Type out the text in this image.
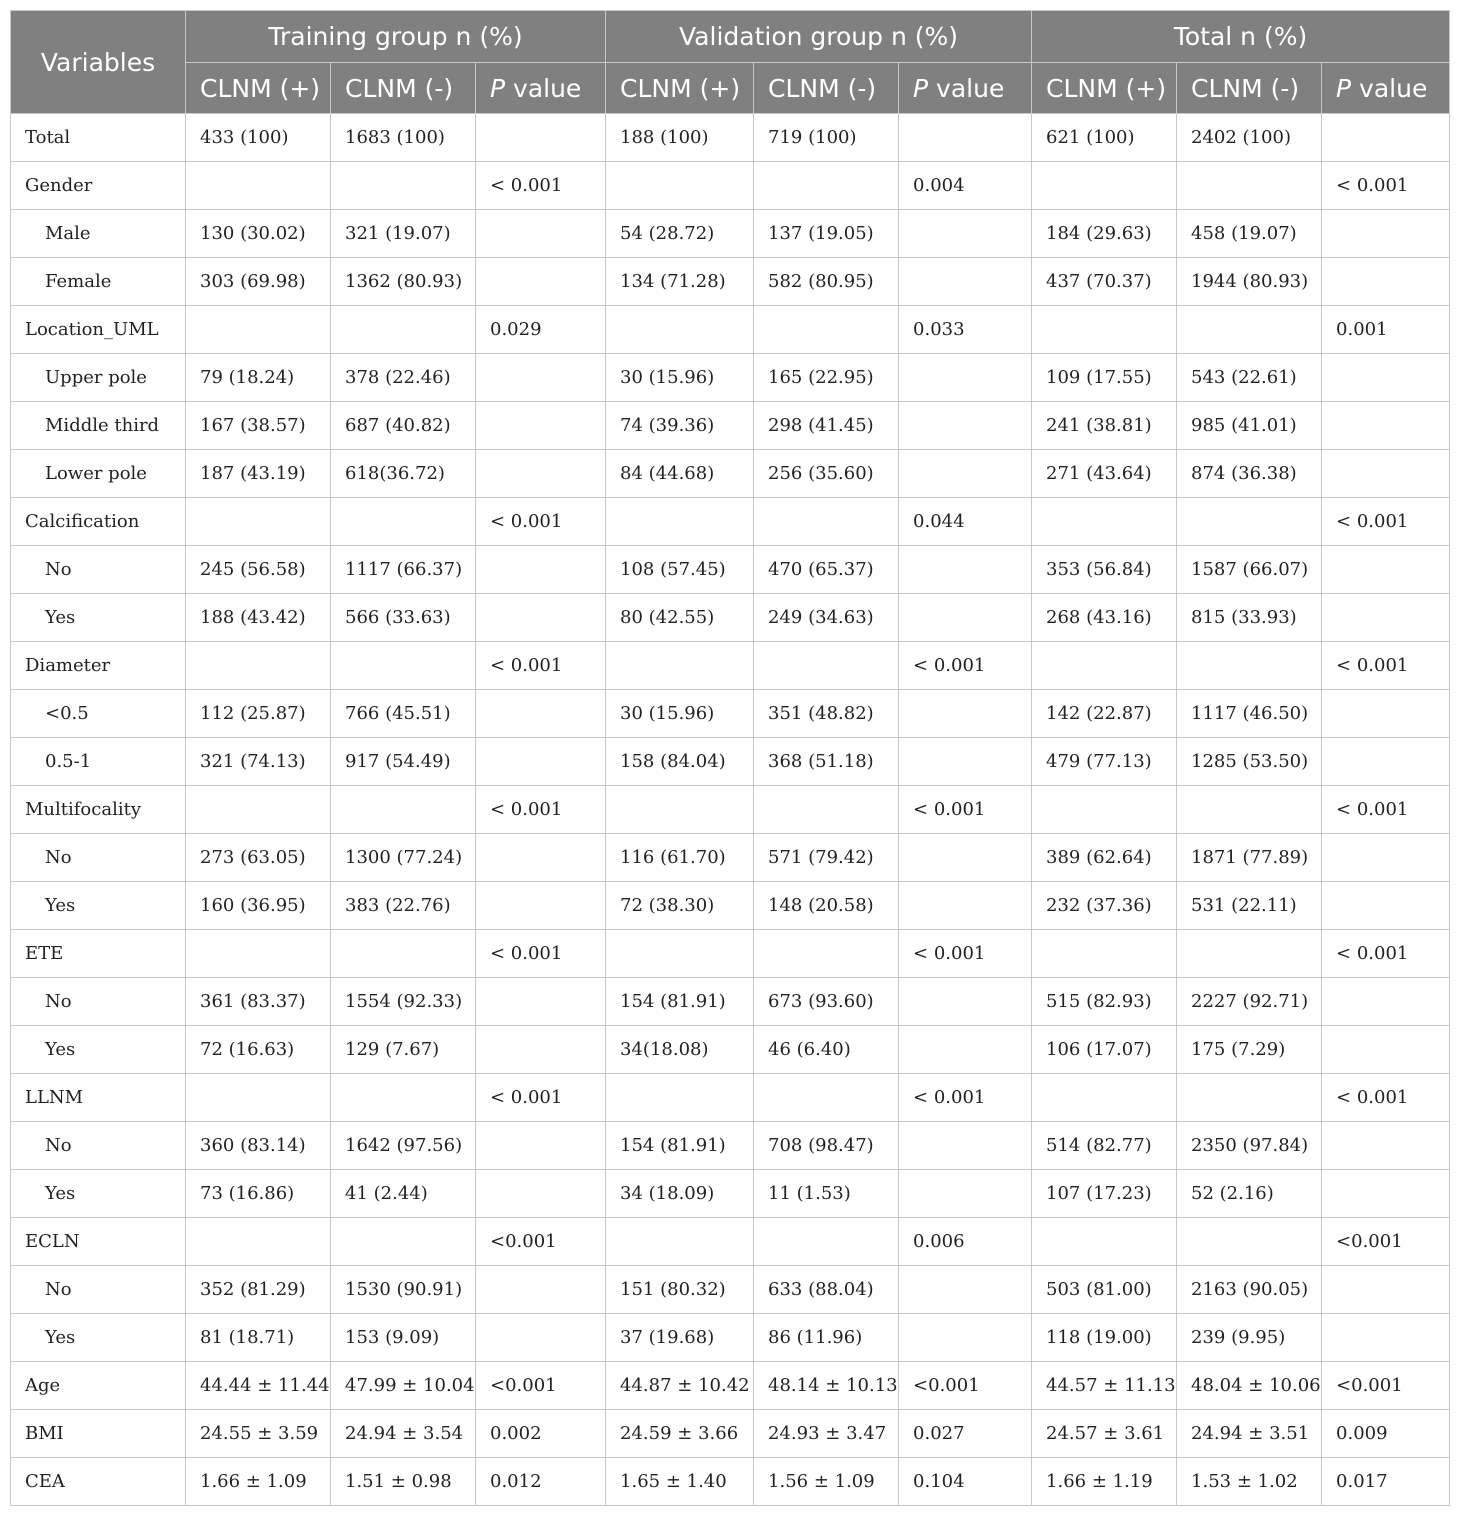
Variables	Training group n (%)			Validation group n (%)			Total n (%)		
	CLNM (+)	CLNM (-)	P value	CLNM (+)	CLNM (-)	P value	CLNM (+)	CLNM (-)	P value
Total	433 (100)	1683 (100)		188 (100)	719 (100)		621 (100)	2402 (100)	
Gender			< 0.001			0.004			< 0.001
Male	130 (30.02)	321 (19.07)		54 (28.72)	137 (19.05)		184 (29.63)	458 (19.07)	
Female	303 (69.98)	1362 (80.93)		134 (71.28)	582 (80.95)		437 (70.37)	1944 (80.93)	
Location_UML			0.029			0.033			0.001
Upper pole	79 (18.24)	378 (22.46)		30 (15.96)	165 (22.95)		109 (17.55)	543 (22.61)	
Middle third	167 (38.57)	687 (40.82)		74 (39.36)	298 (41.45)		241 (38.81)	985 (41.01)	
Lower pole	187 (43.19)	618(36.72)		84 (44.68)	256 (35.60)		271 (43.64)	874 (36.38)	
Calcification			< 0.001			0.044			< 0.001
No	245 (56.58)	1117 (66.37)		108 (57.45)	470 (65.37)		353 (56.84)	1587 (66.07)	
Yes	188 (43.42)	566 (33.63)		80 (42.55)	249 (34.63)		268 (43.16)	815 (33.93)	
Diameter			< 0.001			< 0.001			< 0.001
<0.5	112 (25.87)	766 (45.51)		30 (15.96)	351 (48.82)		142 (22.87)	1117 (46.50)	
0.5-1	321 (74.13)	917 (54.49)		158 (84.04)	368 (51.18)		479 (77.13)	1285 (53.50)	
Multifocality			< 0.001			< 0.001			< 0.001
No	273 (63.05)	1300 (77.24)		116 (61.70)	571 (79.42)		389 (62.64)	1871 (77.89)	
Yes	160 (36.95)	383 (22.76)		72 (38.30)	148 (20.58)		232 (37.36)	531 (22.11)	
ETE			< 0.001			< 0.001			< 0.001
No	361 (83.37)	1554 (92.33)		154 (81.91)	673 (93.60)		515 (82.93)	2227 (92.71)	
Yes	72 (16.63)	129 (7.67)		34(18.08)	46 (6.40)		106 (17.07)	175 (7.29)	
LLNM			< 0.001			< 0.001			< 0.001
No	360 (83.14)	1642 (97.56)		154 (81.91)	708 (98.47)		514 (82.77)	2350 (97.84)	
Yes	73 (16.86)	41 (2.44)		34 (18.09)	11 (1.53)		107 (17.23)	52 (2.16)	
ECLN			<0.001			0.006			<0.001
No	352 (81.29)	1530 (90.91)		151 (80.32)	633 (88.04)		503 (81.00)	2163 (90.05)	
Yes	81 (18.71)	153 (9.09)		37 (19.68)	86 (11.96)		118 (19.00)	239 (9.95)	
Age	44.44 ± 11.44	47.99 ± 10.04	<0.001	44.87 ± 10.42	48.14 ± 10.13	<0.001	44.57 ± 11.13	48.04 ± 10.06	<0.001
BMI	24.55 ± 3.59	24.94 ± 3.54	0.002	24.59 ± 3.66	24.93 ± 3.47	0.027	24.57 ± 3.61	24.94 ± 3.51	0.009
CEA	1.66 ± 1.09	1.51 ± 0.98	0.012	1.65 ± 1.40	1.56 ± 1.09	0.104	1.66 ± 1.19	1.53 ± 1.02	0.017
